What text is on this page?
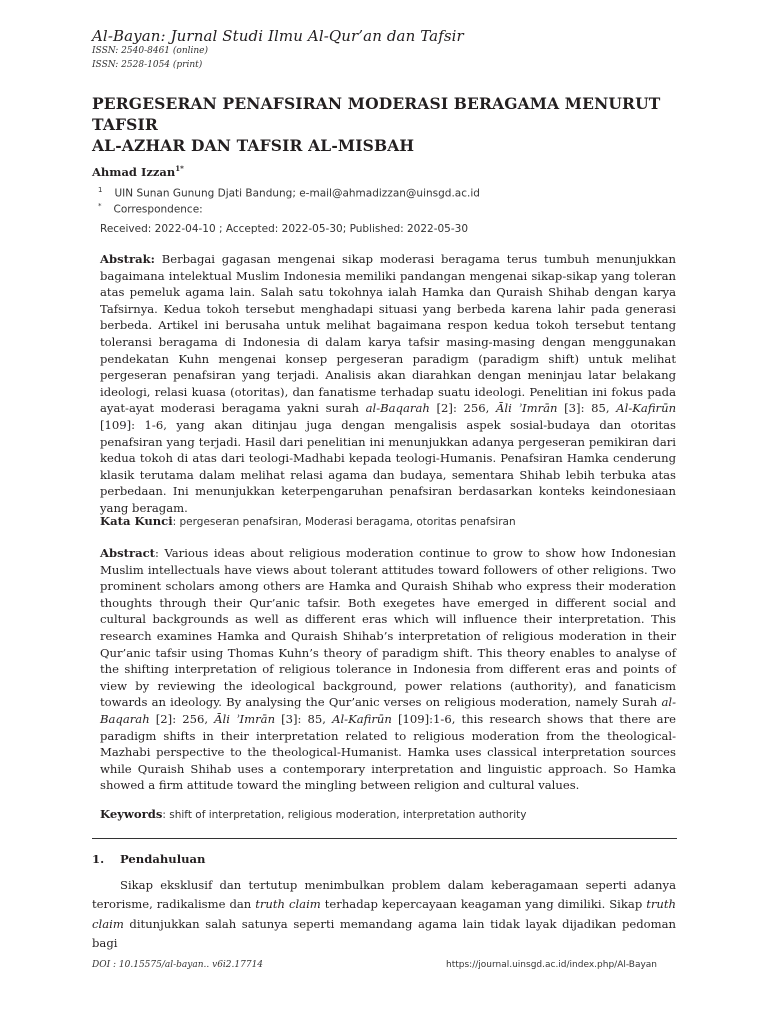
Al-Bayan: Jurnal Studi Ilmu Al-Qur’an dan Tafsir
ISSN: 2540-8461 (online)
ISSN: 2528-1054 (print)
PERGESERAN PENAFSIRAN MODERASI BERAGAMA MENURUT TAFSIR
AL-AZHAR DAN TAFSIR AL-MISBAH
Ahmad Izzan$^{1*}$
$^1$ UIN Sunan Gunung Djati Bandung; e-mail@ahmadizzan@uinsgd.ac.id
* Correspondence:
Received: 2022-04-10 ; Accepted: 2022-05-30; Published: 2022-05-30
Abstrak: Berbagai gagasan mengenai sikap moderasi beragama terus tumbuh menunjukkan bagaimana intelektual Muslim Indonesia memiliki pandangan mengenai sikap-sikap yang toleran atas pemeluk agama lain. Salah satu tokohnya ialah Hamka dan Quraish Shihab dengan karya Tafsirnya. Kedua tokoh tersebut menghadapi situasi yang berbeda karena lahir pada generasi berbeda. Artikel ini berusaha untuk melihat bagaimana respon kedua tokoh tersebut tentang toleransi beragama di Indonesia di dalam karya tafsir masing-masing dengan menggunakan pendekatan Kuhn mengenai konsep pergeseran paradigm (paradigm shift) untuk melihat pergeseran penafsiran yang terjadi. Analisis akan diarahkan dengan meninjau latar belakang ideologi, relasi kuasa (otoritas), dan fanatisme terhadap suatu ideologi. Penelitian ini fokus pada ayat-ayat moderasi beragama yakni surah al-Baqarah [2]: 256, Āli ʾImrān [3]: 85, Al-Kafirūn [109]: 1-6, yang akan ditinjau juga dengan mengalisis aspek sosial-budaya dan otoritas penafsiran yang terjadi. Hasil dari penelitian ini menunjukkan adanya pergeseran pemikiran dari kedua tokoh di atas dari teologi-Madhabi kepada teologi-Humanis. Penafsiran Hamka cenderung klasik terutama dalam melihat relasi agama dan budaya, sementara Shihab lebih terbuka atas perbedaan. Ini menunjukkan keterpengaruhan penafsiran berdasarkan konteks keindonesiaan yang beragam.
Kata Kunci: pergeseran penafsiran, Moderasi beragama, otoritas penafsiran
Abstract: Various ideas about religious moderation continue to grow to show how Indonesian Muslim intellectuals have views about tolerant attitudes toward followers of other religions. Two prominent scholars among others are Hamka and Quraish Shihab who express their moderation thoughts through their Qur’anic tafsir. Both exegetes have emerged in different social and cultural backgrounds as well as different eras which will influence their interpretation. This research examines Hamka and Quraish Shihab’s interpretation of religious moderation in their Qur’anic tafsir using Thomas Kuhn’s theory of paradigm shift. This theory enables to analyse of the shifting interpretation of religious tolerance in Indonesia from different eras and points of view by reviewing the ideological background, power relations (authority), and fanaticism towards an ideology. By analysing the Qur’anic verses on religious moderation, namely Surah al-Baqarah [2]: 256, Āli ʾImrān [3]: 85, Al-Kafirūn [109]:1-6, this research shows that there are paradigm shifts in their interpretation related to religious moderation from the theological-Mazhabi perspective to the theological-Humanist. Hamka uses classical interpretation sources while Quraish Shihab uses a contemporary interpretation and linguistic approach. So Hamka showed a firm attitude toward the mingling between religion and cultural values.
Keywords: shift of interpretation, religious moderation, interpretation authority
1. Pendahuluan
Sikap eksklusif dan tertutup menimbulkan problem dalam keberagamaan seperti adanya terorisme, radikalisme dan truth claim terhadap kepercayaan keagaman yang dimiliki. Sikap truth claim ditunjukkan salah satunya seperti memandang agama lain tidak layak dijadikan pedoman bagi
DOI : 10.15575/al-bayan.. v6i2.17714	https://journal.uinsgd.ac.id/index.php/Al-Bayan
